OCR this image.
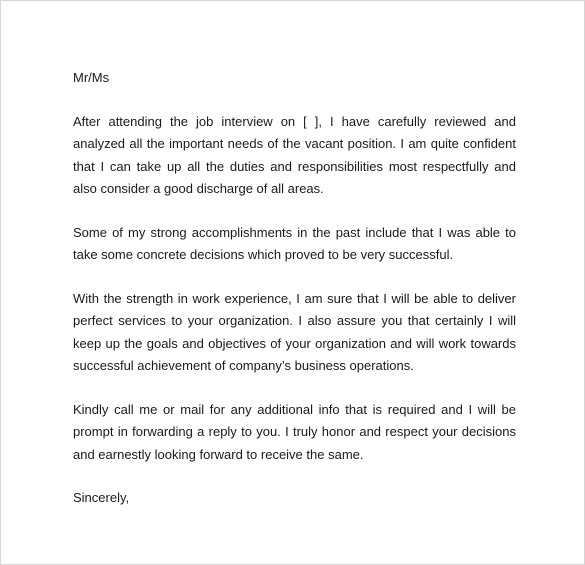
Mr/Ms

After attending the job interview on [ ], I have carefully reviewed and analyzed all the important needs of the vacant position. I am quite confident that I can take up all the duties and responsibilities most respectfully and also consider a good discharge of all areas.

Some of my strong accomplishments in the past include that I was able to take some concrete decisions which proved to be very successful.

With the strength in work experience, I am sure that I will be able to deliver perfect services to your organization. I also assure you that certainly I will keep up the goals and objectives of your organization and will work towards successful achievement of company’s business operations.

Kindly call me or mail for any additional info that is required and I will be prompt in forwarding a reply to you. I truly honor and respect your decisions and earnestly looking forward to receive the same.

Sincerely,
